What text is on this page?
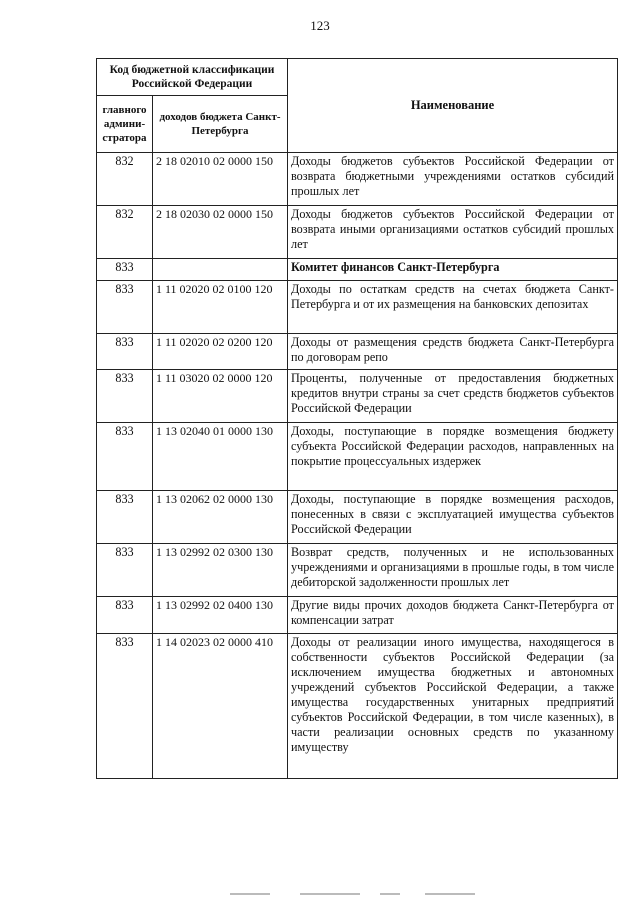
123
Код бюджетной классификации Российской Федерации		Наименование
главного админи-стратора	доходов бюджета Санкт-Петербурга	
832	2 18 02010 02 0000 150	Доходы бюджетов субъектов Российской Федерации от возврата бюджетными учреждениями остатков субсидий прошлых лет
832	2 18 02030 02 0000 150	Доходы бюджетов субъектов Российской Федерации от возврата иными организациями остатков субсидий прошлых лет
833		Комитет финансов Санкт-Петербурга
833	1 11 02020 02 0100 120	Доходы по остаткам средств на счетах бюджета Санкт-Петербурга и от их размещения на банковских депозитах
833	1 11 02020 02 0200 120	Доходы от размещения средств бюджета Санкт-Петербурга по договорам репо
833	1 11 03020 02 0000 120	Проценты, полученные от предоставления бюджетных кредитов внутри страны за счет средств бюджетов субъектов Российской Федерации
833	1 13 02040 01 0000 130	Доходы, поступающие в порядке возмещения бюджету субъекта Российской Федерации расходов, направленных на покрытие процессуальных издержек
833	1 13 02062 02 0000 130	Доходы, поступающие в порядке возмещения расходов, понесенных в связи с эксплуатацией имущества субъектов Российской Федерации
833	1 13 02992 02 0300 130	Возврат средств, полученных и не использованных учреждениями и организациями в прошлые годы, в том числе дебиторской задолженности прошлых лет
833	1 13 02992 02 0400 130	Другие виды прочих доходов бюджета Санкт-Петербурга от компенсации затрат
833	1 14 02023 02 0000 410	Доходы от реализации иного имущества, находящегося в собственности субъектов Российской Федерации (за исключением имущества бюджетных и автономных учреждений субъектов Российской Федерации, а также имущества государственных унитарных предприятий субъектов Российской Федерации, в том числе казенных), в части реализации основных средств по указанному имуществу
